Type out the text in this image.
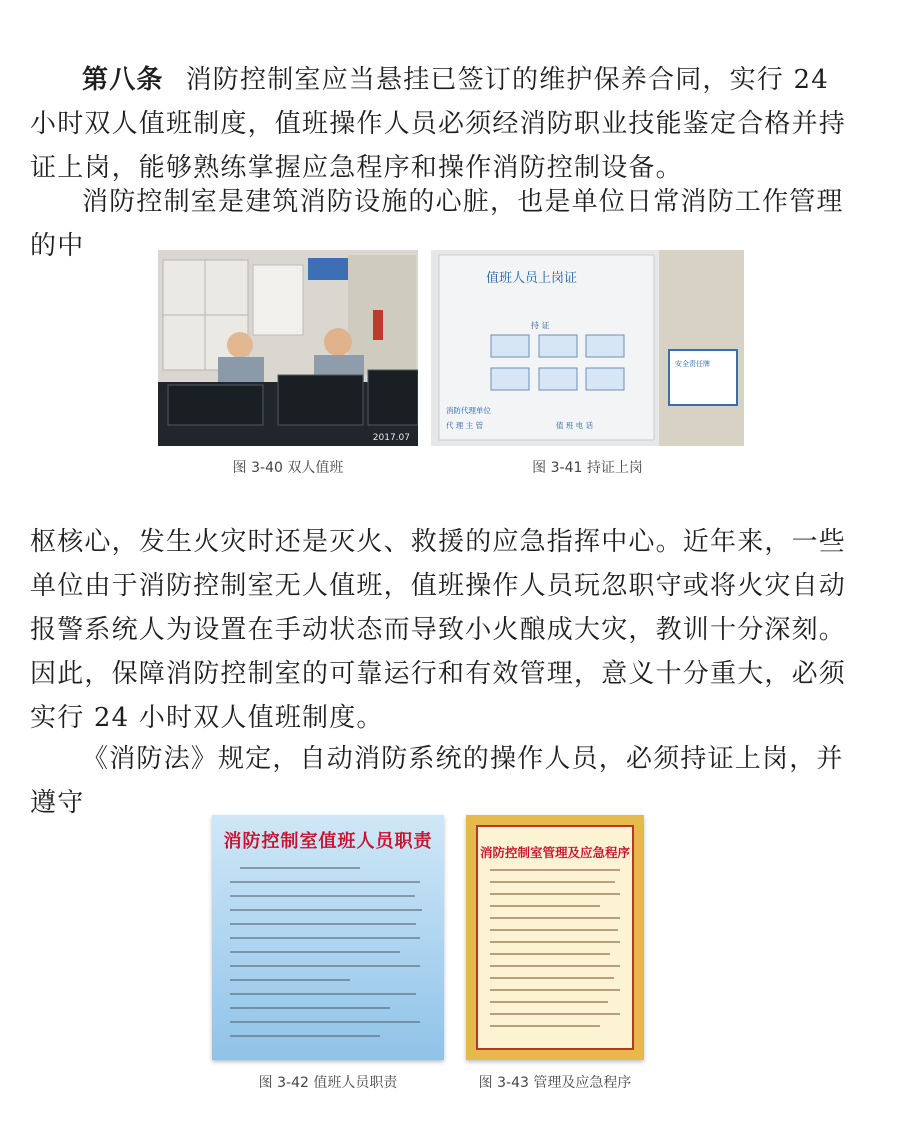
第八条 消防控制室应当悬挂已签订的维护保养合同，实行 24 小时双人值班制度，值班操作人员必须经消防职业技能鉴定合格并持证上岗，能够熟练掌握应急程序和操作消防控制设备。

消防控制室是建筑消防设施的心脏，也是单位日常消防工作管理的中

2017.07
图 3-40 双人值班
值班人员上岗证
持 证
消防代理单位
代 理 主 管	值 班 电 话
安全责任牌
图 3-41 持证上岗

枢核心，发生火灾时还是灭火、救援的应急指挥中心。近年来，一些单位由于消防控制室无人值班，值班操作人员玩忽职守或将火灾自动报警系统人为设置在手动状态而导致小火酿成大灾，教训十分深刻。因此，保障消防控制室的可靠运行和有效管理，意义十分重大，必须实行 24 小时双人值班制度。

《消防法》规定，自动消防系统的操作人员，必须持证上岗，并遵守

消防控制室值班人员职责
图 3-42 值班人员职责
消防控制室管理及应急程序
图 3-43 管理及应急程序
